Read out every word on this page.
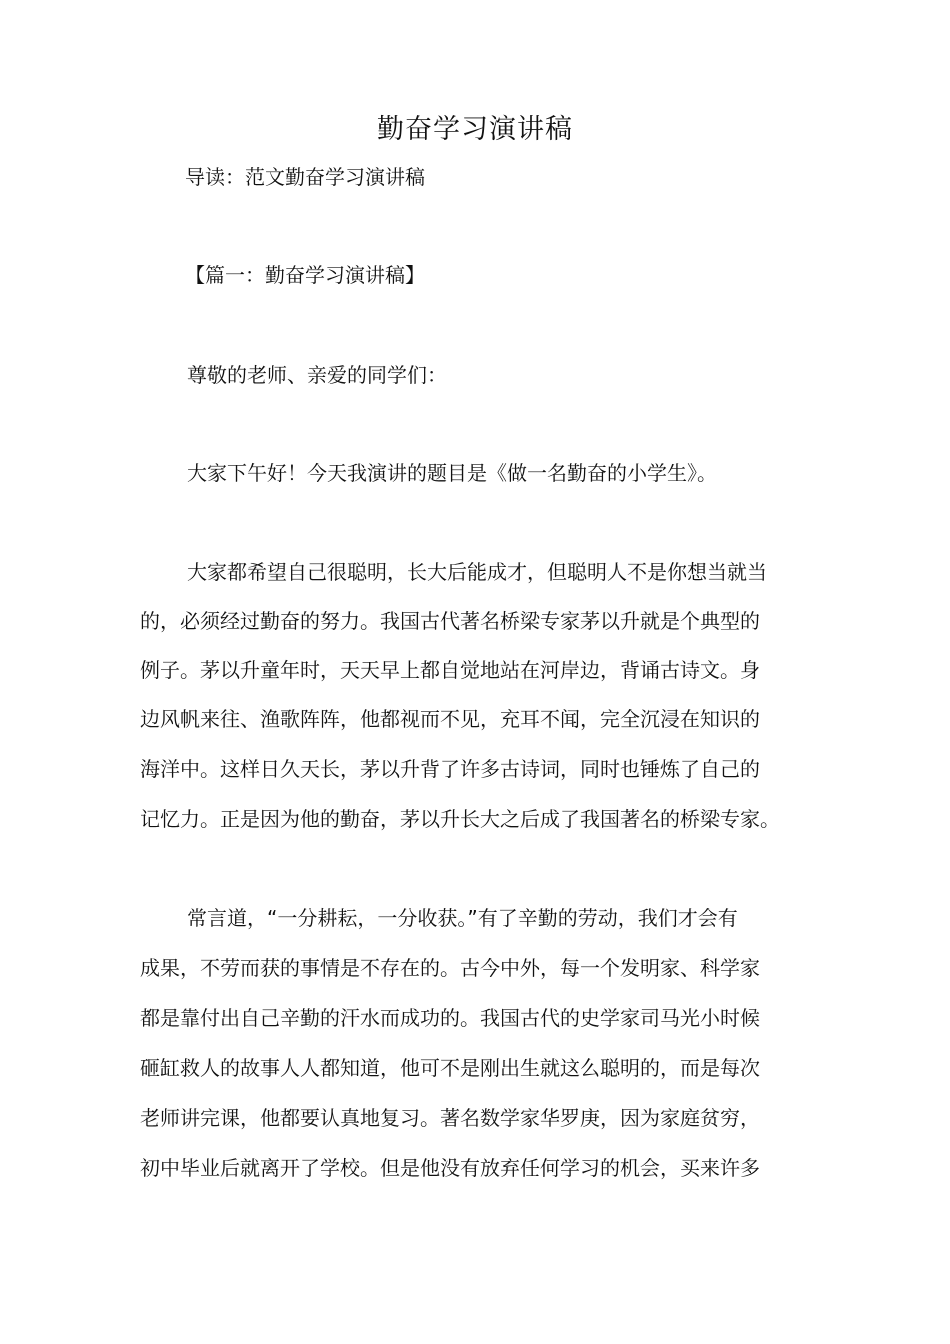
勤奋学习演讲稿
导读：范文勤奋学习演讲稿
【篇一：勤奋学习演讲稿】
尊敬的老师、亲爱的同学们：
大家下午好！今天我演讲的题目是《做一名勤奋的小学生》。
大家都希望自己很聪明，长大后能成才，但聪明人不是你想当就当
的，必须经过勤奋的努力。我国古代著名桥梁专家茅以升就是个典型的
例子。茅以升童年时，天天早上都自觉地站在河岸边，背诵古诗文。身
边风帆来往、渔歌阵阵，他都视而不见，充耳不闻，完全沉浸在知识的
海洋中。这样日久天长，茅以升背了许多古诗词，同时也锤炼了自己的
记忆力。正是因为他的勤奋，茅以升长大之后成了我国著名的桥梁专家。
常言道，“一分耕耘，一分收获。”有了辛勤的劳动，我们才会有
成果，不劳而获的事情是不存在的。古今中外，每一个发明家、科学家
都是靠付出自己辛勤的汗水而成功的。我国古代的史学家司马光小时候
砸缸救人的故事人人都知道，他可不是刚出生就这么聪明的，而是每次
老师讲完课，他都要认真地复习。著名数学家华罗庚，因为家庭贫穷，
初中毕业后就离开了学校。但是他没有放弃任何学习的机会，买来许多
